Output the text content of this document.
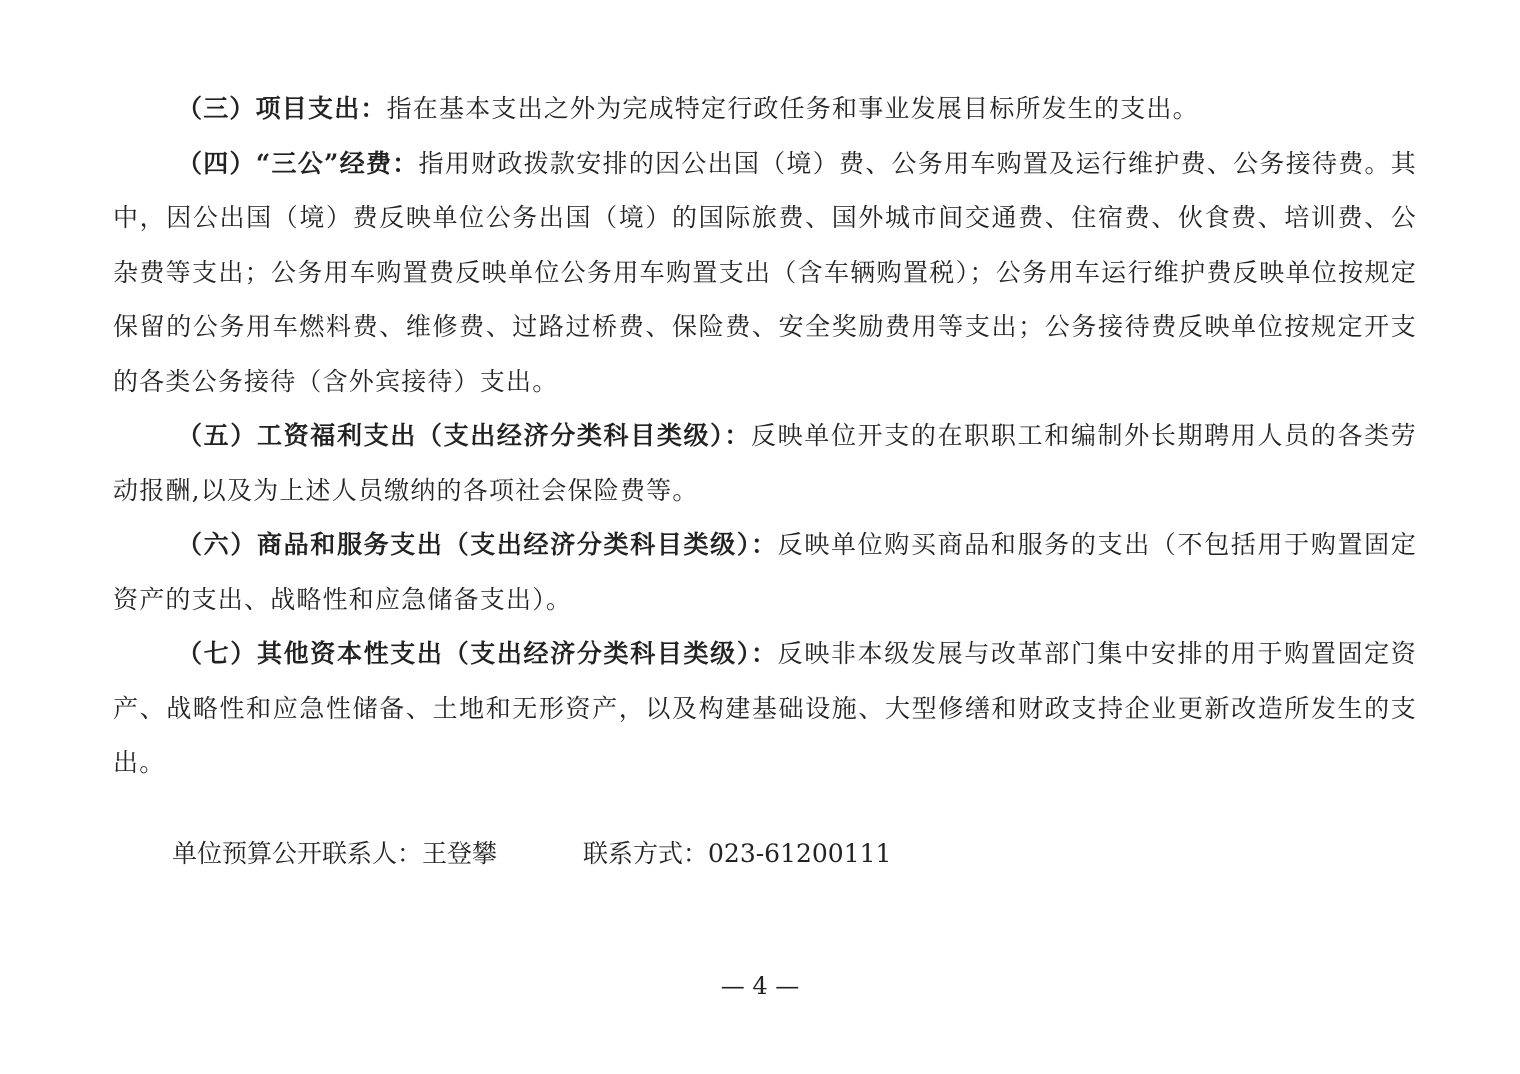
（三）项目支出：指在基本支出之外为完成特定行政任务和事业发展目标所发生的支出。

（四）“三公”经费：指用财政拨款安排的因公出国（境）费、公务用车购置及运行维护费、公务接待费。其中，因公出国（境）费反映单位公务出国（境）的国际旅费、国外城市间交通费、住宿费、伙食费、培训费、公杂费等支出；公务用车购置费反映单位公务用车购置支出（含车辆购置税）；公务用车运行维护费反映单位按规定保留的公务用车燃料费、维修费、过路过桥费、保险费、安全奖励费用等支出；公务接待费反映单位按规定开支的各类公务接待（含外宾接待）支出。

（五）工资福利支出（支出经济分类科目类级）：反映单位开支的在职职工和编制外长期聘用人员的各类劳动报酬,以及为上述人员缴纳的各项社会保险费等。

（六）商品和服务支出（支出经济分类科目类级）：反映单位购买商品和服务的支出（不包括用于购置固定资产的支出、战略性和应急储备支出）。

（七）其他资本性支出（支出经济分类科目类级）：反映非本级发展与改革部门集中安排的用于购置固定资产、战略性和应急性储备、土地和无形资产，以及构建基础设施、大型修缮和财政支持企业更新改造所发生的支出。

单位预算公开联系人：王登攀	联系方式：023-61200111
— 4 —
